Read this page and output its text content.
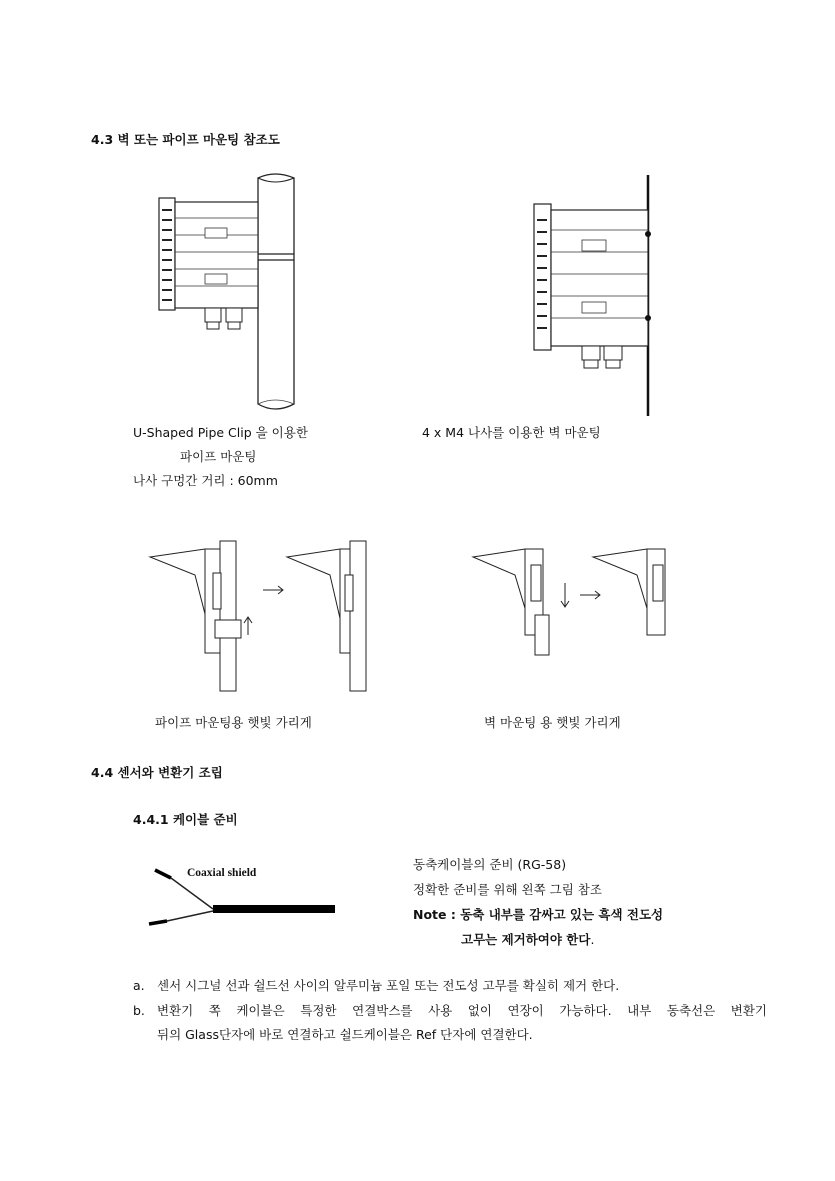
4.3 벽 또는 파이프 마운팅 참조도
U-Shaped Pipe Clip 을 이용한
파이프 마운팅
나사 구멍간 거리 : 60mm
4 x M4 나사를 이용한 벽 마운팅
파이프 마운팅용 햇빛 가리게	벽 마운팅 용 햇빛 가리게
4.4 센서와 변환기 조립
4.4.1 케이블 준비
Coaxial shield
동축케이블의 준비 (RG-58)
정확한 준비를 위해 왼쪽 그림 참조
Note : 동축 내부를 감싸고 있는 흑색 전도성
고무는 제거하여야 한다.
a. 센서 시그널 선과 쉴드선 사이의 알루미늄 포일 또는 전도성 고무를 확실히 제거 한다.
b. 변환기 쪽 케이블은 특정한 연결박스를 사용 없이 연장이 가능하다. 내부 동축선은 변환기
뒤의 Glass단자에 바로 연결하고 쉴드케이블은 Ref 단자에 연결한다.
